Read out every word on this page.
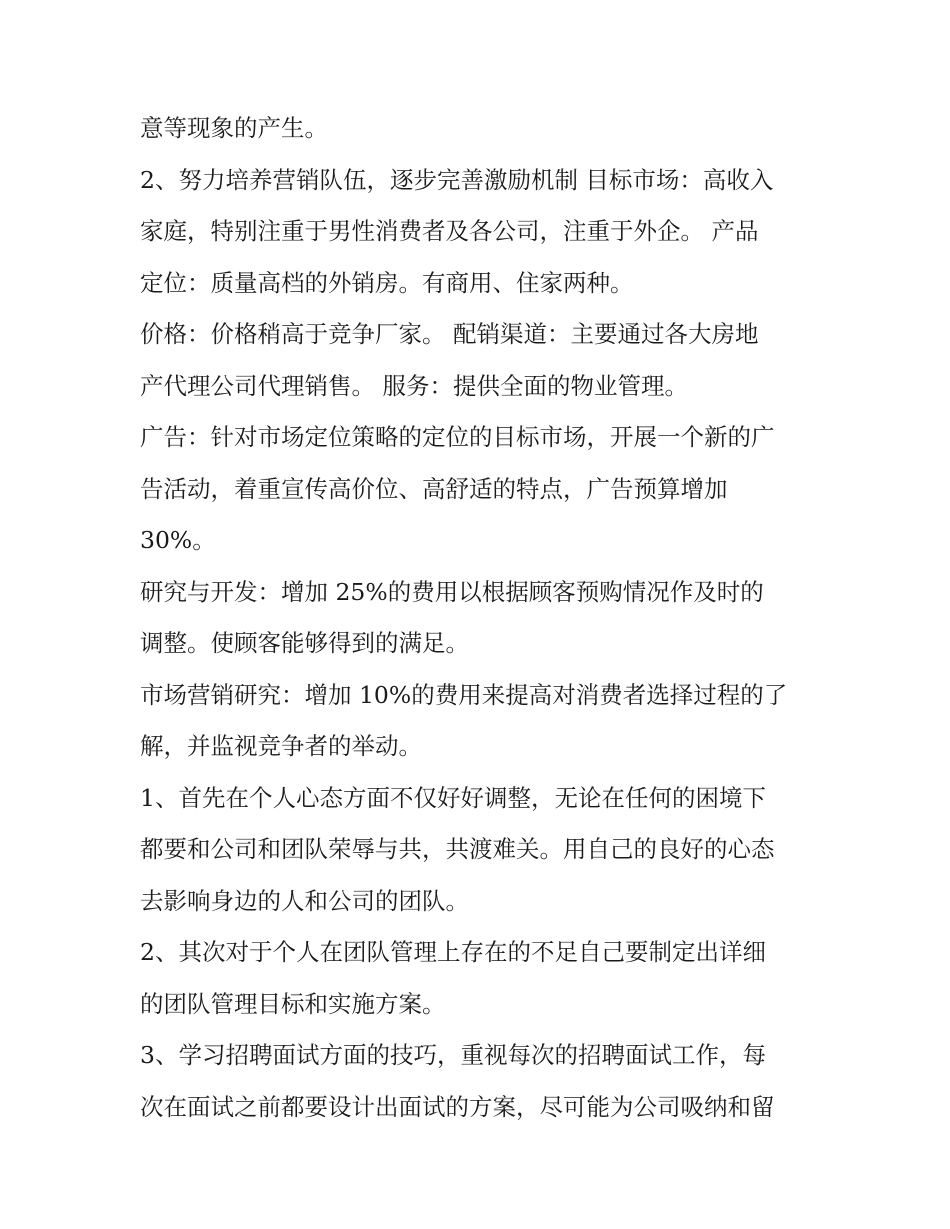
意等现象的产生。
2、努力培养营销队伍，逐步完善激励机制 目标市场：高收入
家庭，特别注重于男性消费者及各公司，注重于外企。 产品
定位：质量高档的外销房。有商用、住家两种。
价格：价格稍高于竞争厂家。 配销渠道：主要通过各大房地
产代理公司代理销售。 服务：提供全面的物业管理。
广告：针对市场定位策略的定位的目标市场，开展一个新的广
告活动，着重宣传高价位、高舒适的特点，广告预算增加
30%。
研究与开发：增加 25%的费用以根据顾客预购情况作及时的
调整。使顾客能够得到的满足。
市场营销研究：增加 10%的费用来提高对消费者选择过程的了
解，并监视竞争者的举动。
1、首先在个人心态方面不仅好好调整，无论在任何的困境下
都要和公司和团队荣辱与共，共渡难关。用自己的良好的心态
去影响身边的人和公司的团队。
2、其次对于个人在团队管理上存在的不足自己要制定出详细
的团队管理目标和实施方案。
3、学习招聘面试方面的技巧，重视每次的招聘面试工作，每
次在面试之前都要设计出面试的方案，尽可能为公司吸纳和留
